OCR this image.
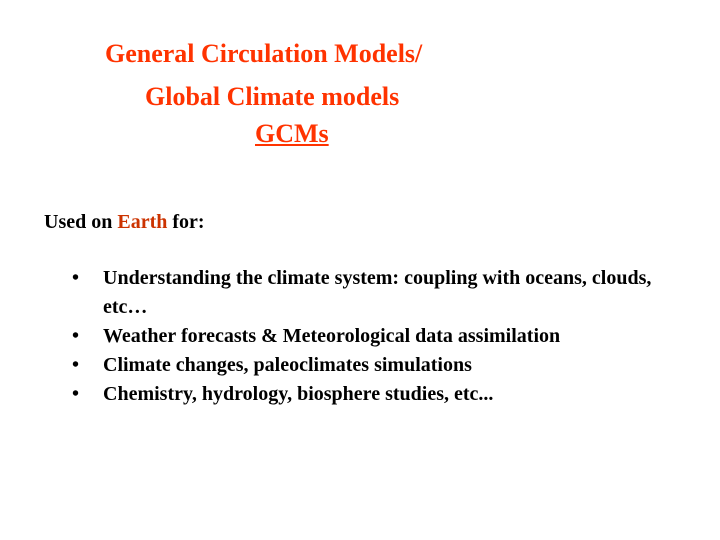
General Circulation Models/
Global Climate models
GCMs
Used on Earth for:
• Understanding the climate system: coupling with oceans, clouds, etc…
• Weather forecasts & Meteorological data assimilation
• Climate changes, paleoclimates simulations
• Chemistry, hydrology, biosphere studies, etc...
